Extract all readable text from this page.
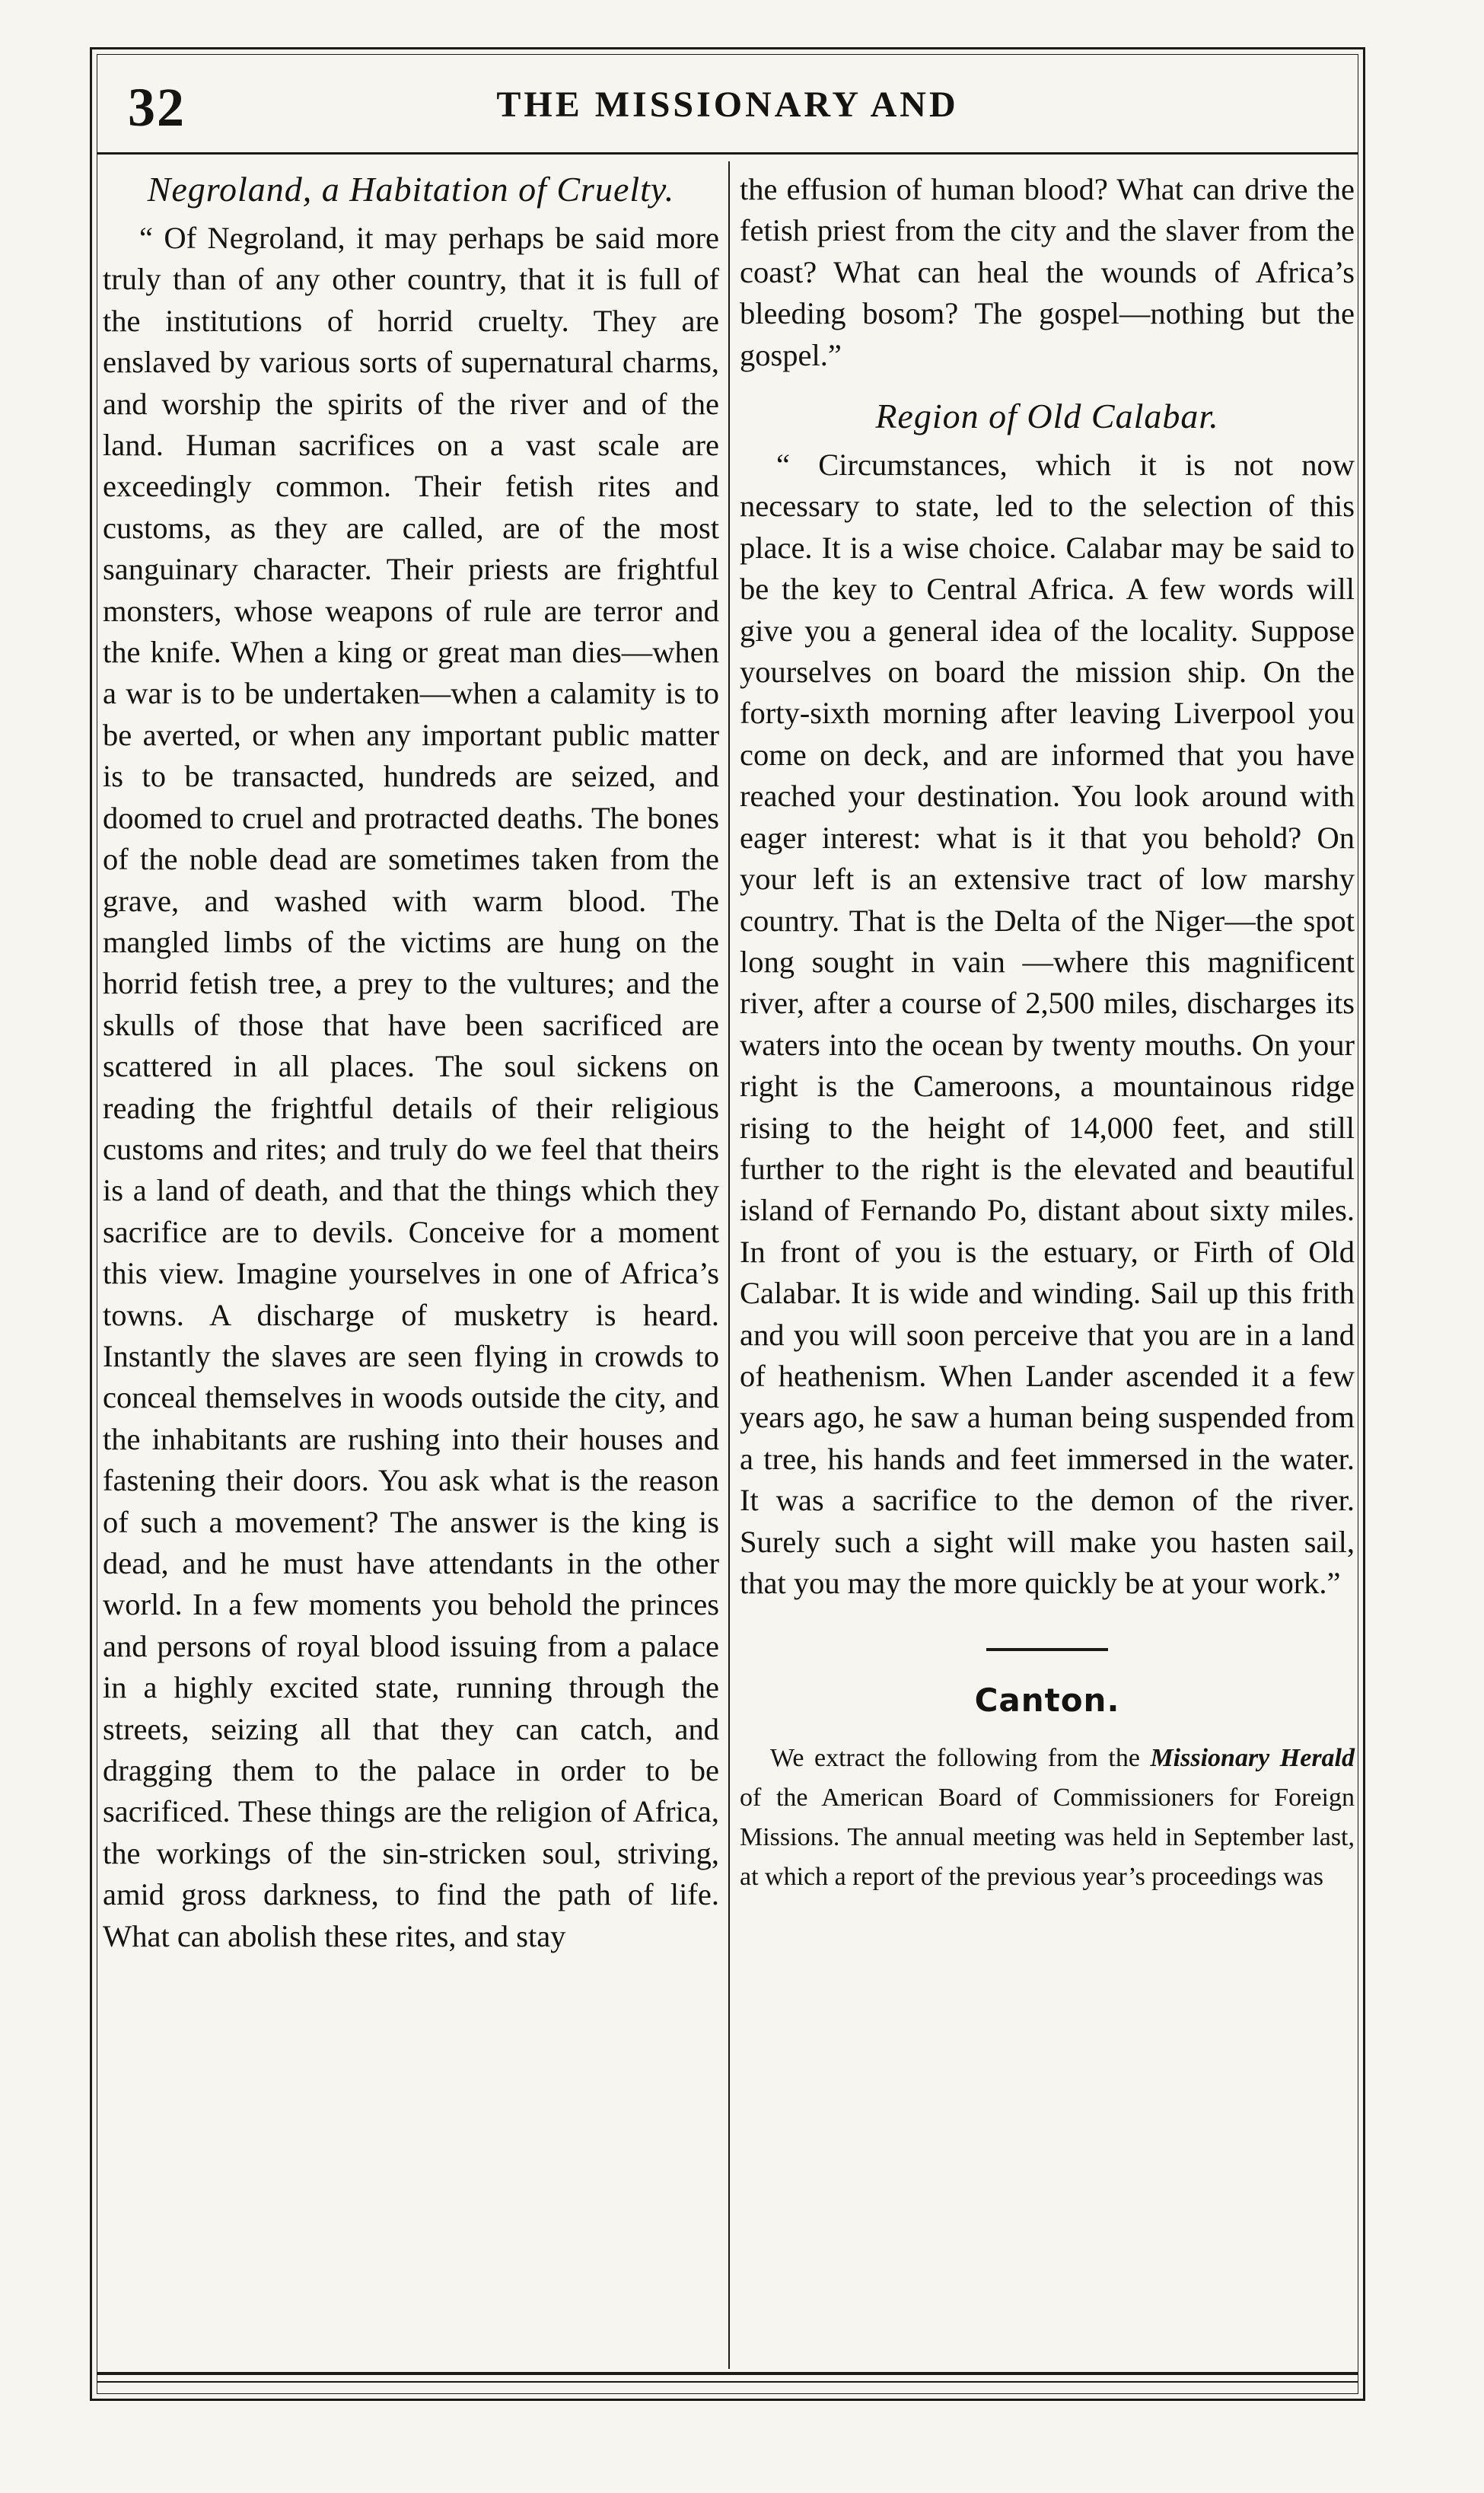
32	THE MISSIONARY AND

Negroland, a Habitation of Cruelty.

“ Of Negroland, it may perhaps be said more truly than of any other country, that it is full of the institutions of horrid cruelty. They are enslaved by various sorts of supernatural charms, and worship the spirits of the river and of the land. Human sacrifices on a vast scale are exceedingly common. Their fetish rites and customs, as they are called, are of the most sanguinary character. Their priests are frightful monsters, whose weapons of rule are terror and the knife. When a king or great man dies—when a war is to be undertaken—when a calamity is to be averted, or when any important public matter is to be transacted, hundreds are seized, and doomed to cruel and protracted deaths. The bones of the noble dead are sometimes taken from the grave, and washed with warm blood. The mangled limbs of the victims are hung on the horrid fetish tree, a prey to the vultures; and the skulls of those that have been sacrificed are scattered in all places. The soul sickens on reading the frightful details of their religious customs and rites; and truly do we feel that theirs is a land of death, and that the things which they sacrifice are to devils. Conceive for a moment this view. Imagine yourselves in one of Africa’s towns. A discharge of musketry is heard. Instantly the slaves are seen flying in crowds to conceal themselves in woods outside the city, and the inhabitants are rushing into their houses and fastening their doors. You ask what is the reason of such a movement? The answer is the king is dead, and he must have attendants in the other world. In a few moments you behold the princes and persons of royal blood issuing from a palace in a highly excited state, running through the streets, seizing all that they can catch, and dragging them to the palace in order to be sacrificed. These things are the religion of Africa, the workings of the sin-stricken soul, striving, amid gross darkness, to find the path of life. What can abolish these rites, and stay

the effusion of human blood? What can drive the fetish priest from the city and the slaver from the coast? What can heal the wounds of Africa’s bleeding bosom? The gospel—nothing but the gospel.”

Region of Old Calabar.

“ Circumstances, which it is not now necessary to state, led to the selection of this place. It is a wise choice. Calabar may be said to be the key to Central Africa. A few words will give you a general idea of the locality. Suppose yourselves on board the mission ship. On the forty-sixth morning after leaving Liverpool you come on deck, and are informed that you have reached your destination. You look around with eager interest: what is it that you behold? On your left is an extensive tract of low marshy country. That is the Delta of the Niger—the spot long sought in vain —where this magnificent river, after a course of 2,500 miles, discharges its waters into the ocean by twenty mouths. On your right is the Cameroons, a mountainous ridge rising to the height of 14,000 feet, and still further to the right is the elevated and beautiful island of Fernando Po, distant about sixty miles. In front of you is the estuary, or Firth of Old Calabar. It is wide and winding. Sail up this frith and you will soon perceive that you are in a land of heathenism. When Lander ascended it a few years ago, he saw a human being suspended from a tree, his hands and feet immersed in the water. It was a sacrifice to the demon of the river. Surely such a sight will make you hasten sail, that you may the more quickly be at your work.”

Canton.

We extract the following from the Missionary Herald of the American Board of Commissioners for Foreign Missions. The annual meeting was held in September last, at which a report of the previous year’s proceedings was
